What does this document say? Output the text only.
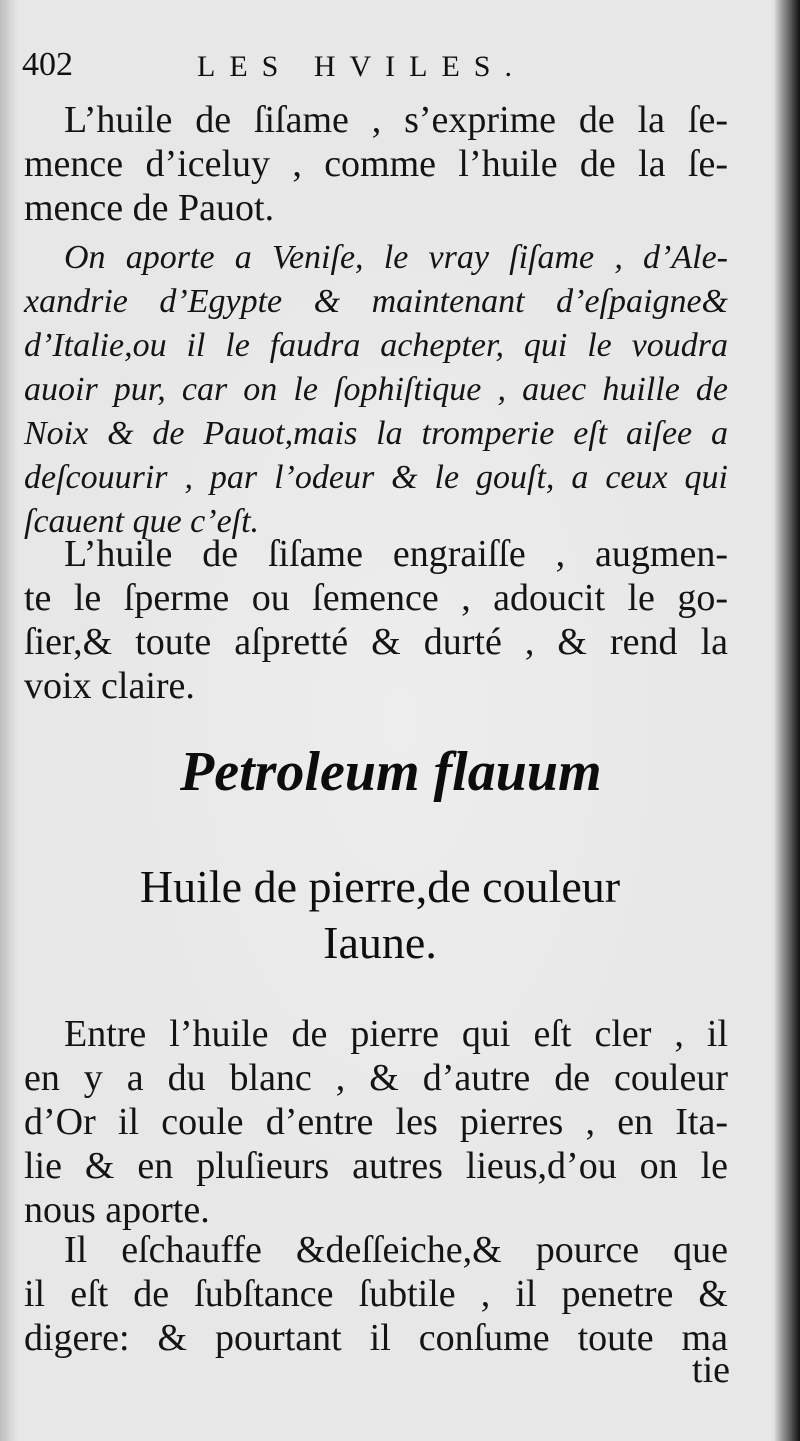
402	LES HVILES.
L’huile de ſiſame , s’exprime de la ſe-
mence d’iceluy , comme l’huile de la ſe-
mence de Pauot.
On aporte a Veniſe, le vray ſiſame , d’Ale-
xandrie d’Egypte & maintenant d’eſpaigne&
d’Italie,ou il le faudra achepter, qui le voudra
auoir pur, car on le ſophiſtique , auec huille de
Noix & de Pauot,mais la tromperie eſt aiſee a
deſcouurir , par l’odeur & le gouſt, a ceux qui
ſcauent que c’eſt.
L’huile de ſiſame engraiſſe , augmen-
te le ſperme ou ſemence , adoucit le go-
ſier,& toute aſpretté & durté , & rend la
voix claire.
Petroleum flauum
Huile de pierre,de couleur
Iaune.
Entre l’huile de pierre qui eſt cler , il
en y a du blanc , & d’autre de couleur
d’Or il coule d’entre les pierres , en Ita-
lie & en pluſieurs autres lieus,d’ou on le
nous aporte.
Il eſchauffe &deſſeiche,& pource que
il eſt de ſubſtance ſubtile , il penetre &
digere: & pourtant il conſume toute ma
tie
